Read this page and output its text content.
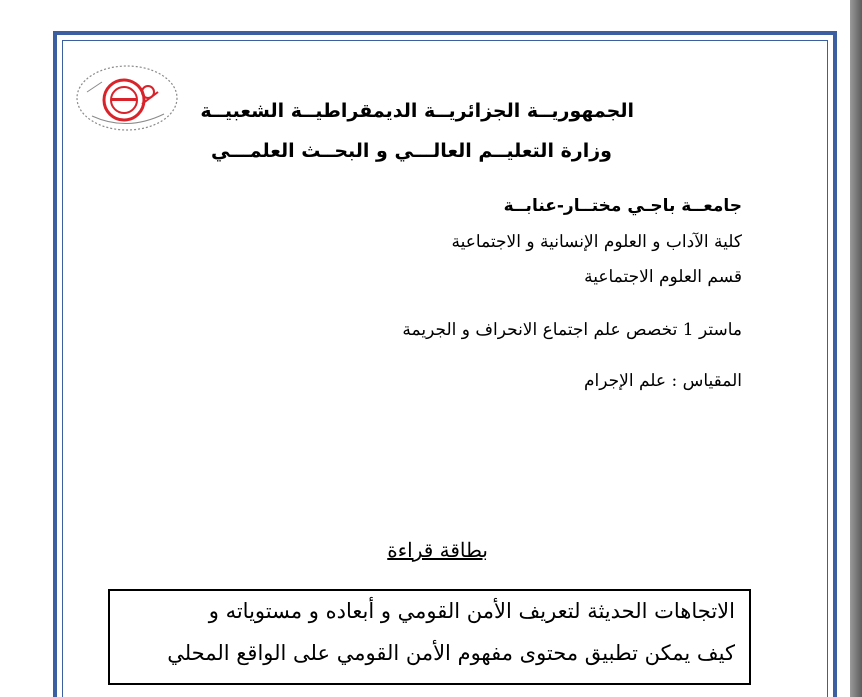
الجمهوريــة الجزائريــة الديمقراطيــة الشعبيــة
وزارة التعليــم العالـــي و البحــث العلمـــي
جامعــة باجـي مختــار-عنابــة
كلية الآداب و العلوم الإنسانية و الاجتماعية
قسم العلوم الاجتماعية
ماستر 1 تخصص علم اجتماع الانحراف و الجريمة
المقياس : علم الإجرام
بطاقة قراءة
الاتجاهات الحديثة لتعريف الأمن القومي و أبعاده و مستوياته و
كيف يمكن تطبيق محتوى مفهوم الأمن القومي على الواقع المحلي
